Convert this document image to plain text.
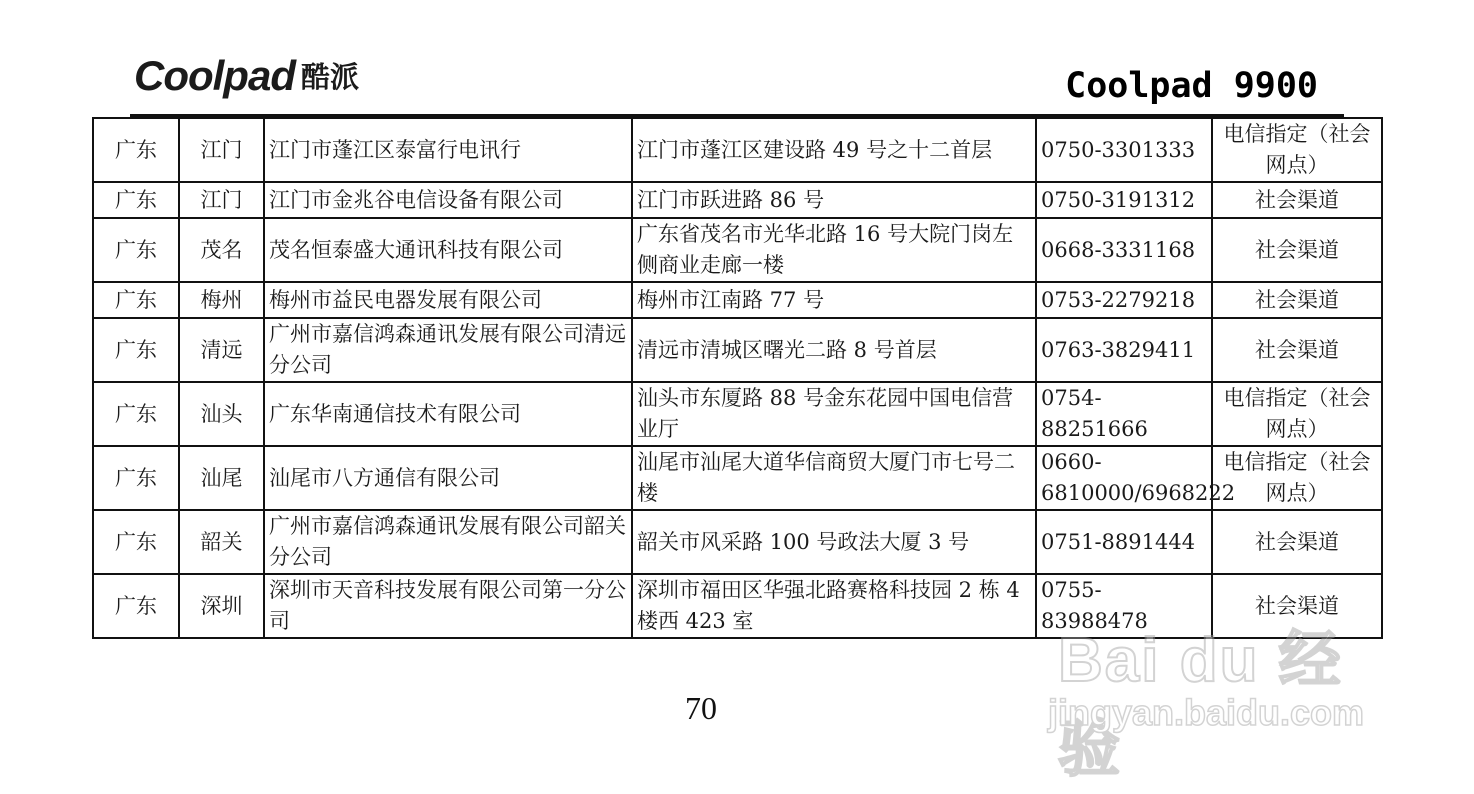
Coolpad 酷派	Coolpad 9900
广东	江门	江门市蓬江区泰富行电讯行	江门市蓬江区建设路 49 号之十二首层	0750-3301333	电信指定（社会网点）
广东	江门	江门市金兆谷电信设备有限公司	江门市跃进路 86 号	0750-3191312	社会渠道
广东	茂名	茂名恒泰盛大通讯科技有限公司	广东省茂名市光华北路 16 号大院门岗左侧商业走廊一楼	0668-3331168	社会渠道
广东	梅州	梅州市益民电器发展有限公司	梅州市江南路 77 号	0753-2279218	社会渠道
广东	清远	广州市嘉信鸿森通讯发展有限公司清远分公司	清远市清城区曙光二路 8 号首层	0763-3829411	社会渠道
广东	汕头	广东华南通信技术有限公司	汕头市东厦路 88 号金东花园中国电信营业厅	0754-88251666	电信指定（社会网点）
广东	汕尾	汕尾市八方通信有限公司	汕尾市汕尾大道华信商贸大厦门市七号二楼	0660-6810000/6968222	电信指定（社会网点）
广东	韶关	广州市嘉信鸿森通讯发展有限公司韶关分公司	韶关市风采路 100 号政法大厦 3 号	0751-8891444	社会渠道
广东	深圳	深圳市天音科技发展有限公司第一分公司	深圳市福田区华强北路赛格科技园 2 栋 4 楼西 423 室	0755-83988478	社会渠道
70
Bai du 经验
jingyan.baidu.com
